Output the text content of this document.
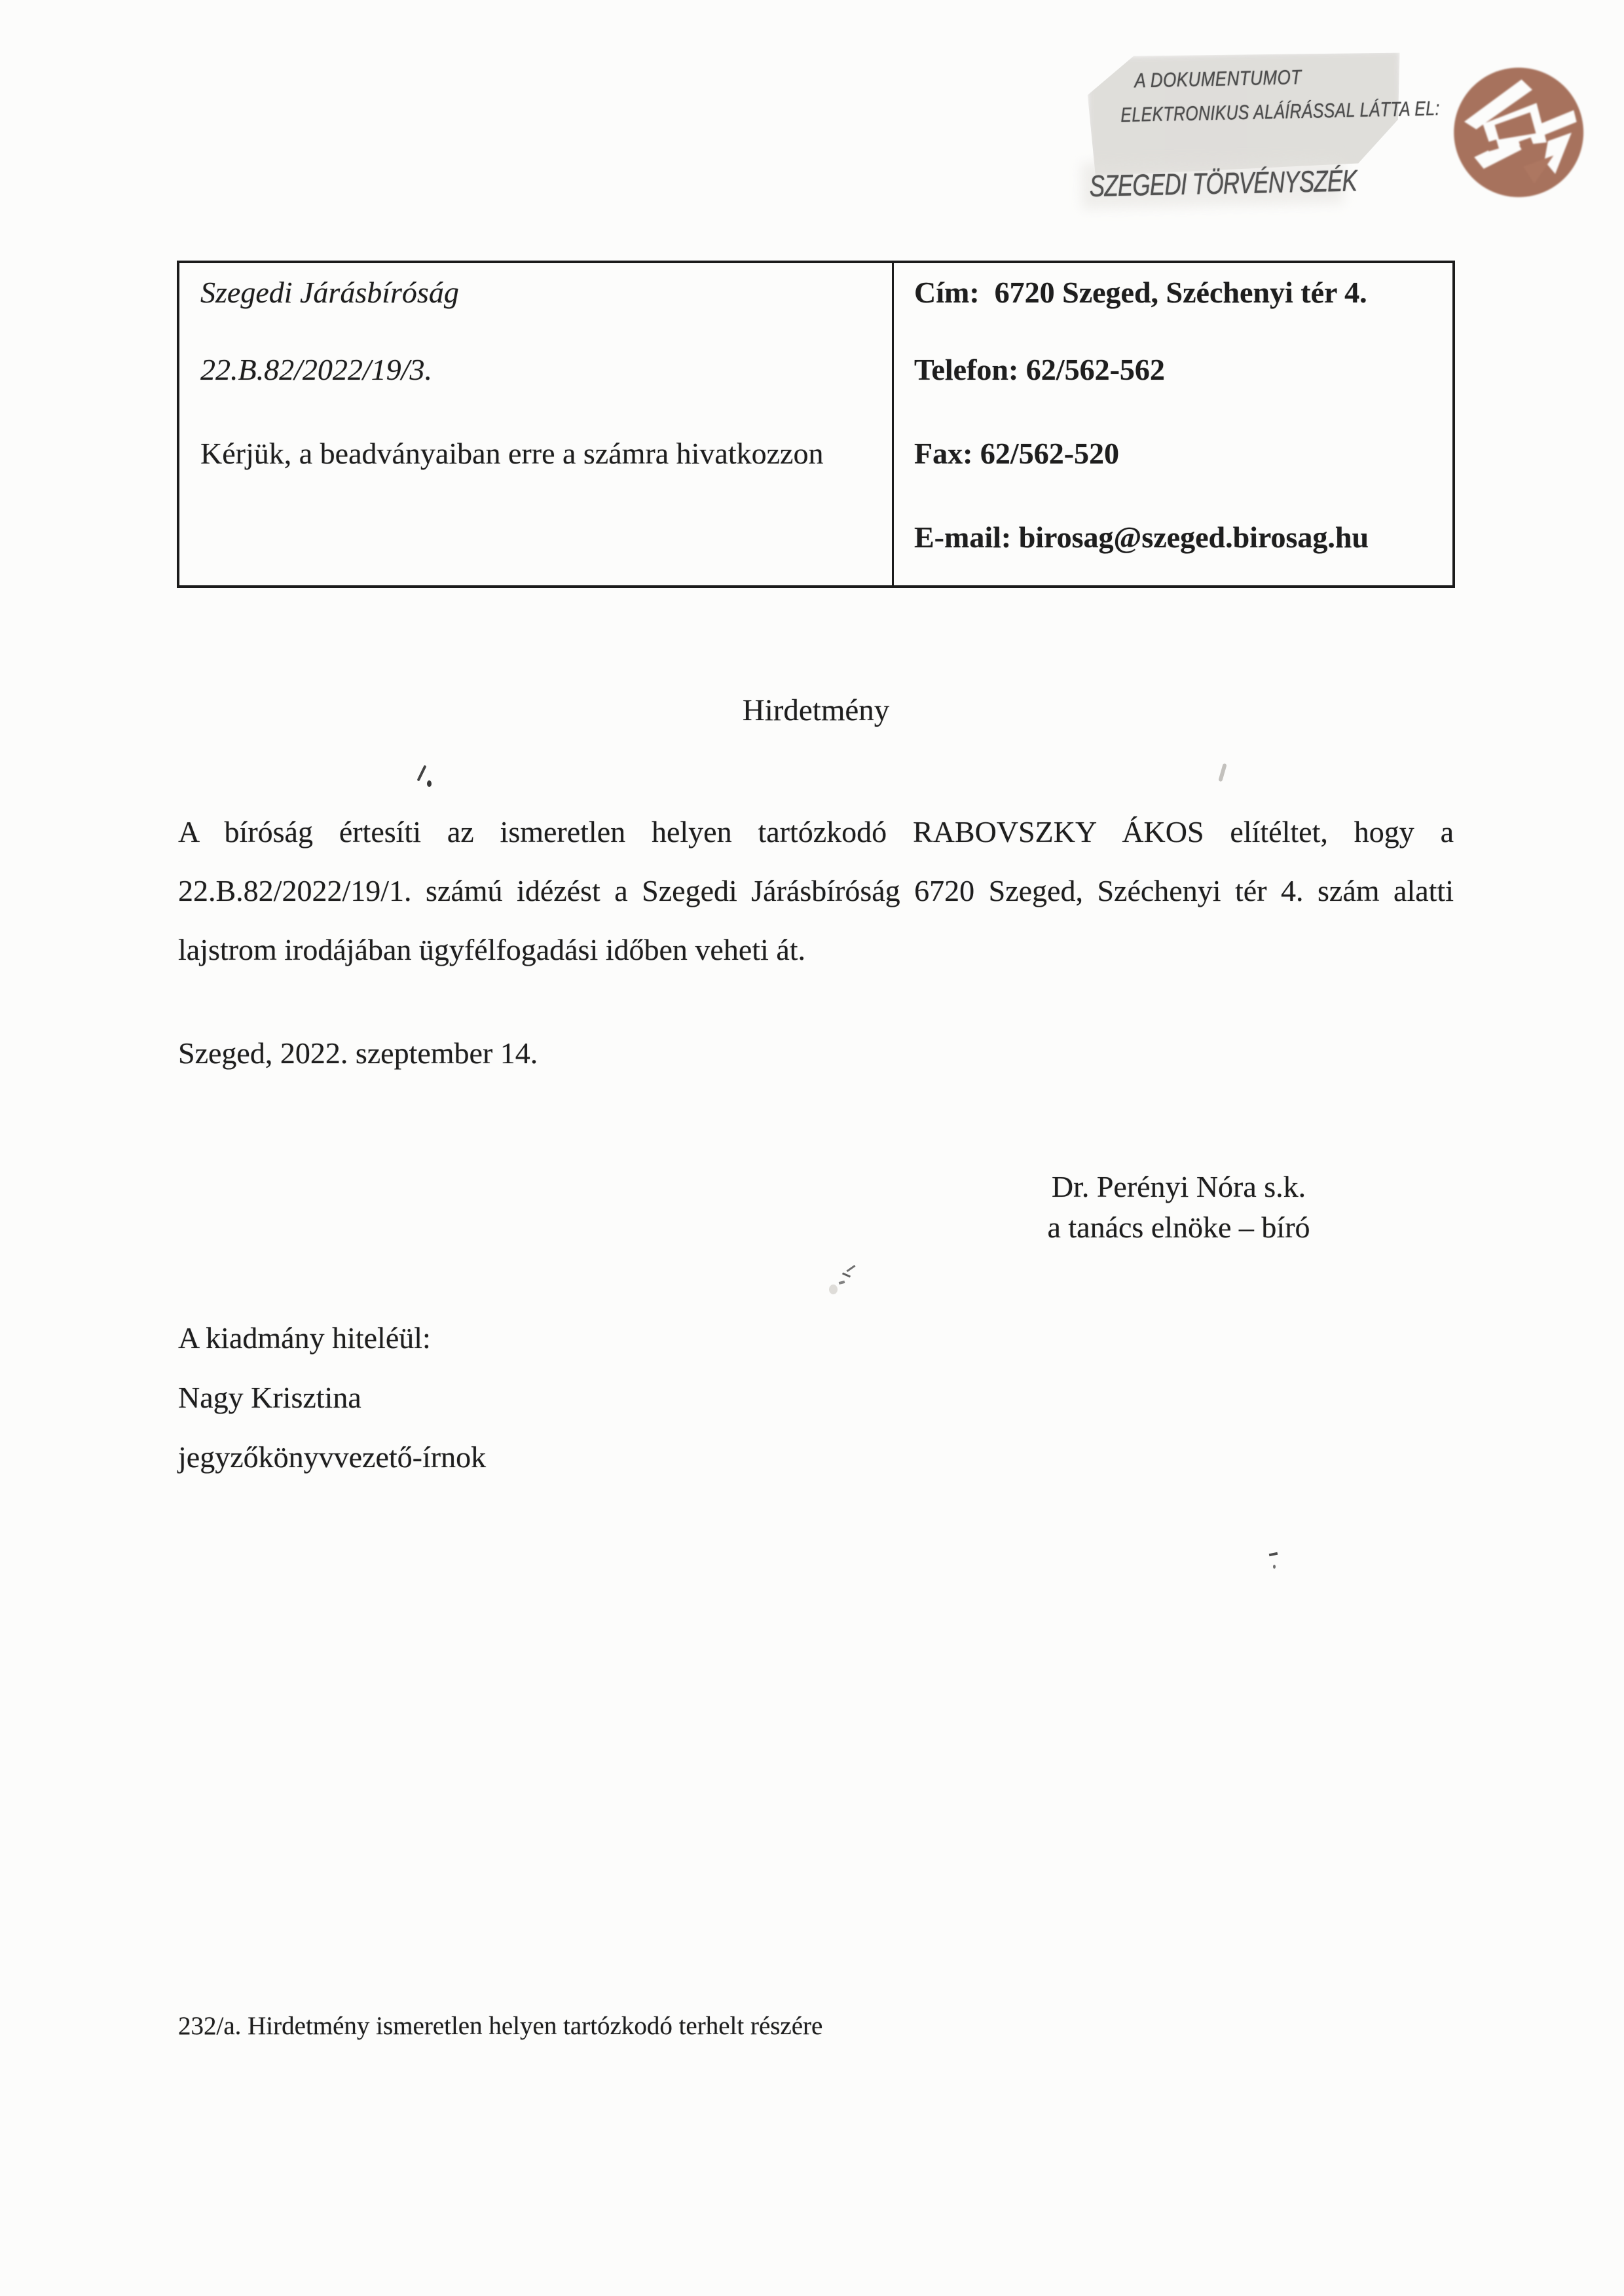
A DOKUMENTUMOT
ELEKTRONIKUS ALÁÍRÁSSAL LÁTTA EL:
SZEGEDI TÖRVÉNYSZÉK
Szegedi Járásbíróság
22.B.82/2022/19/3.
Kérjük, a beadványaiban erre a számra hivatkozzon
Cím:  6720 Szeged, Széchenyi tér 4.
Telefon: 62/562-562
Fax: 62/562-520
E-mail: birosag@szeged.birosag.hu
Hirdetmény
A bíróság értesíti az ismeretlen helyen tartózkodó RABOVSZKY ÁKOS elítéltet, hogy a
22.B.82/2022/19/1. számú idézést a Szegedi Járásbíróság 6720 Szeged, Széchenyi tér 4. szám alatti
lajstrom irodájában ügyfélfogadási időben veheti át.
Szeged, 2022. szeptember 14.
Dr. Perényi Nóra s.k.
a tanács elnöke – bíró
A kiadmány hiteléül:
Nagy Krisztina
jegyzőkönyvvezető-írnok
232/a. Hirdetmény ismeretlen helyen tartózkodó terhelt részére
